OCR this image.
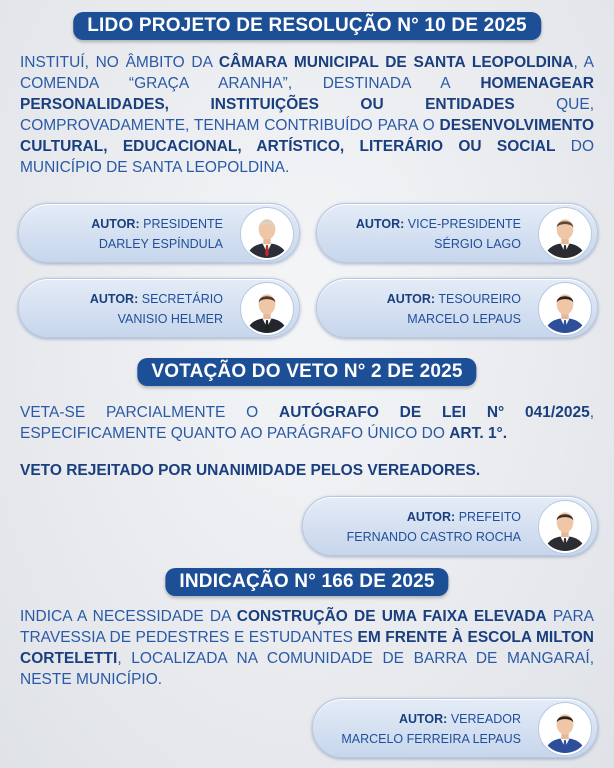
LIDO PROJETO DE RESOLUÇÃO N° 10 DE 2025

INSTITUÍ, NO ÂMBITO DA CÂMARA MUNICIPAL DE SANTA LEOPOLDINA, A COMENDA “GRAÇA ARANHA”, DESTINADA A HOMENAGEAR PERSONALIDADES, INSTITUIÇÕES OU ENTIDADES QUE, COMPROVADAMENTE, TENHAM CONTRIBUÍDO PARA O DESENVOLVIMENTO CULTURAL, EDUCACIONAL, ARTÍSTICO, LITERÁRIO OU SOCIAL DO MUNICÍPIO DE SANTA LEOPOLDINA.

AUTOR: PRESIDENTE
DARLEY ESPÍNDULA
AUTOR: VICE-PRESIDENTE
SÉRGIO LAGO
AUTOR: SECRETÁRIO
VANISIO HELMER
AUTOR: TESOUREIRO
MARCELO LEPAUS
VOTAÇÃO DO VETO N° 2 DE 2025

VETA-SE PARCIALMENTE O AUTÓGRAFO DE LEI N° 041/2025, ESPECIFICAMENTE QUANTO AO PARÁGRAFO ÚNICO DO ART. 1°.

VETO REJEITADO POR UNANIMIDADE PELOS VEREADORES.
AUTOR: PREFEITO
FERNANDO CASTRO ROCHA
INDICAÇÃO N° 166 DE 2025

INDICA A NECESSIDADE DA CONSTRUÇÃO DE UMA FAIXA ELEVADA PARA TRAVESSIA DE PEDESTRES E ESTUDANTES EM FRENTE À ESCOLA MILTON CORTELETTI, LOCALIZADA NA COMUNIDADE DE BARRA DE MANGARAÍ, NESTE MUNICÍPIO.

AUTOR: VEREADOR
MARCELO FERREIRA LEPAUS
